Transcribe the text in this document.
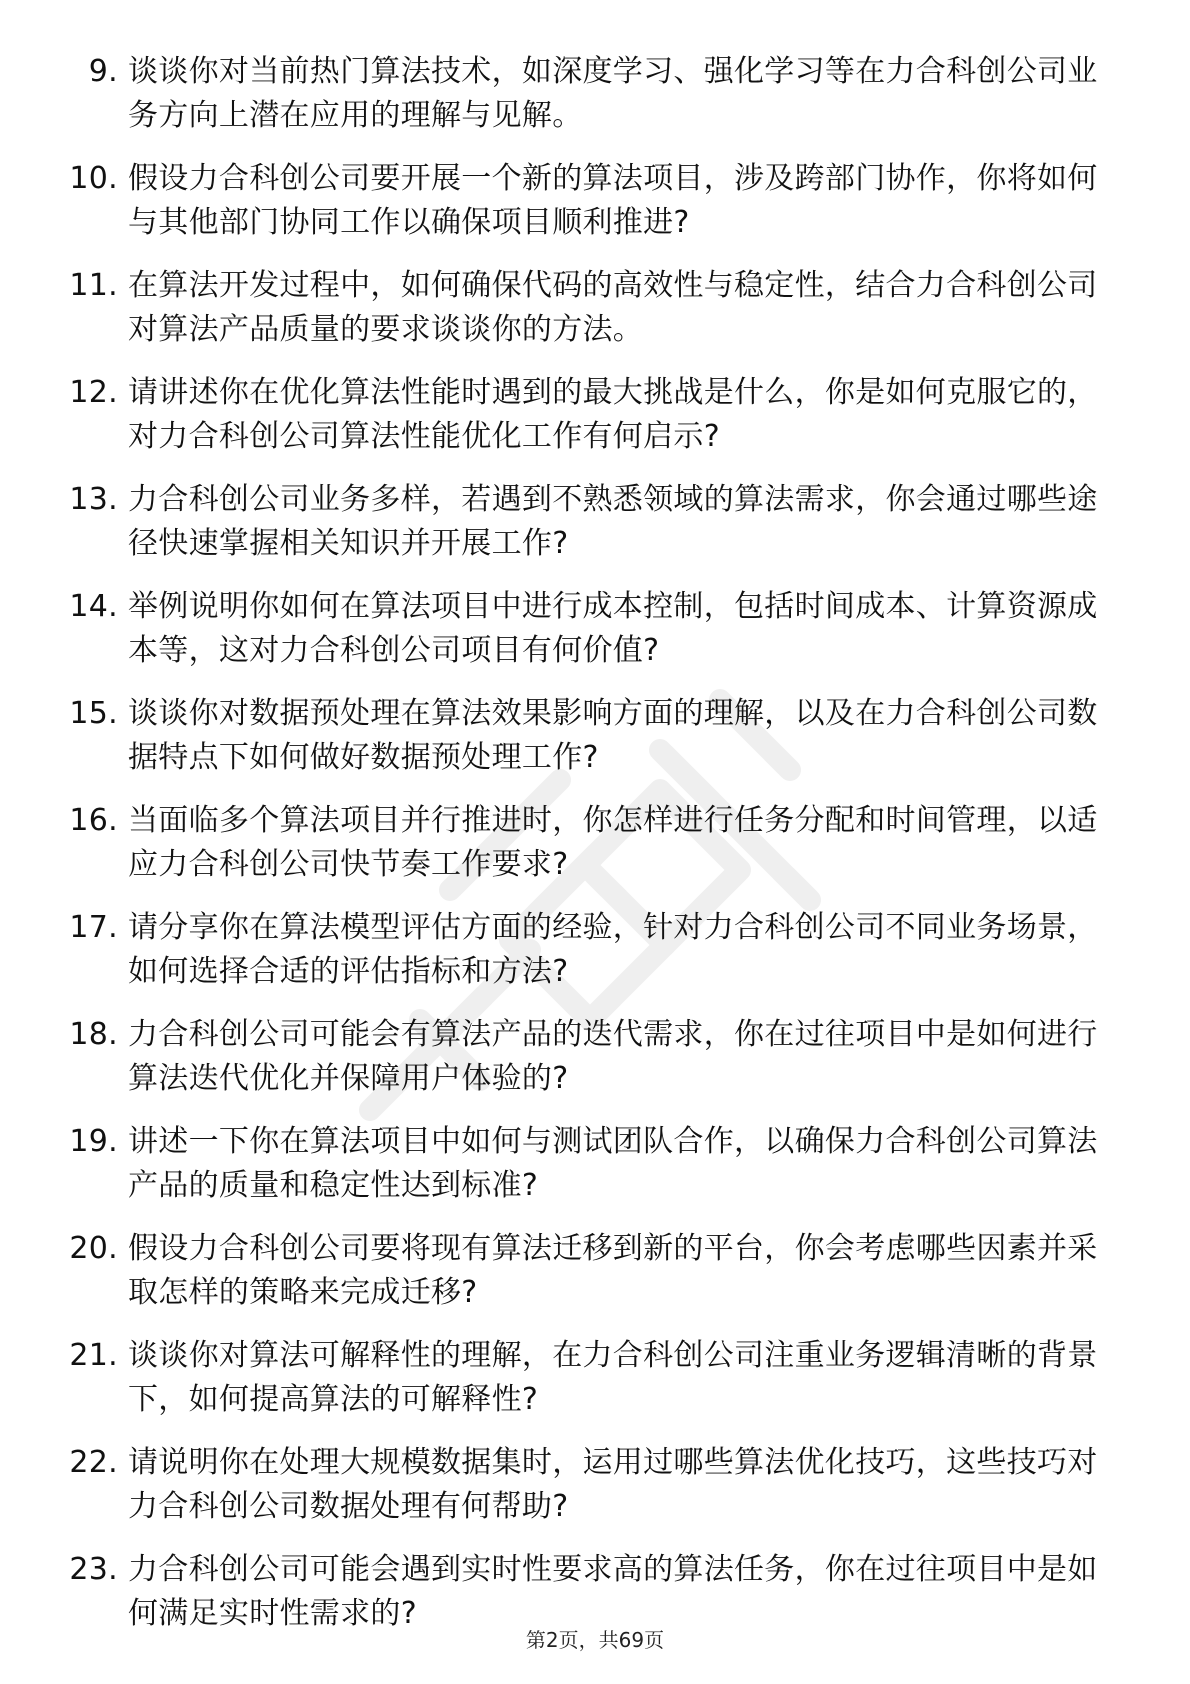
9. 谈谈你对当前热门算法技术，如深度学习、强化学习等在力合科创公司业务方向上潜在应用的理解与见解。
10. 假设力合科创公司要开展一个新的算法项目，涉及跨部门协作，你将如何与其他部门协同工作以确保项目顺利推进?
11. 在算法开发过程中，如何确保代码的高效性与稳定性，结合力合科创公司对算法产品质量的要求谈谈你的方法。
12. 请讲述你在优化算法性能时遇到的最大挑战是什么，你是如何克服它的，对力合科创公司算法性能优化工作有何启示?
13. 力合科创公司业务多样，若遇到不熟悉领域的算法需求，你会通过哪些途径快速掌握相关知识并开展工作?
14. 举例说明你如何在算法项目中进行成本控制，包括时间成本、计算资源成本等，这对力合科创公司项目有何价值?
15. 谈谈你对数据预处理在算法效果影响方面的理解，以及在力合科创公司数据特点下如何做好数据预处理工作?
16. 当面临多个算法项目并行推进时，你怎样进行任务分配和时间管理，以适应力合科创公司快节奏工作要求?
17. 请分享你在算法模型评估方面的经验，针对力合科创公司不同业务场景，如何选择合适的评估指标和方法?
18. 力合科创公司可能会有算法产品的迭代需求，你在过往项目中是如何进行算法迭代优化并保障用户体验的?
19. 讲述一下你在算法项目中如何与测试团队合作，以确保力合科创公司算法产品的质量和稳定性达到标准?
20. 假设力合科创公司要将现有算法迁移到新的平台，你会考虑哪些因素并采取怎样的策略来完成迁移?
21. 谈谈你对算法可解释性的理解，在力合科创公司注重业务逻辑清晰的背景下，如何提高算法的可解释性?
22. 请说明你在处理大规模数据集时，运用过哪些算法优化技巧，这些技巧对力合科创公司数据处理有何帮助?
23. 力合科创公司可能会遇到实时性要求高的算法任务，你在过往项目中是如何满足实时性需求的?
第2页，共69页
